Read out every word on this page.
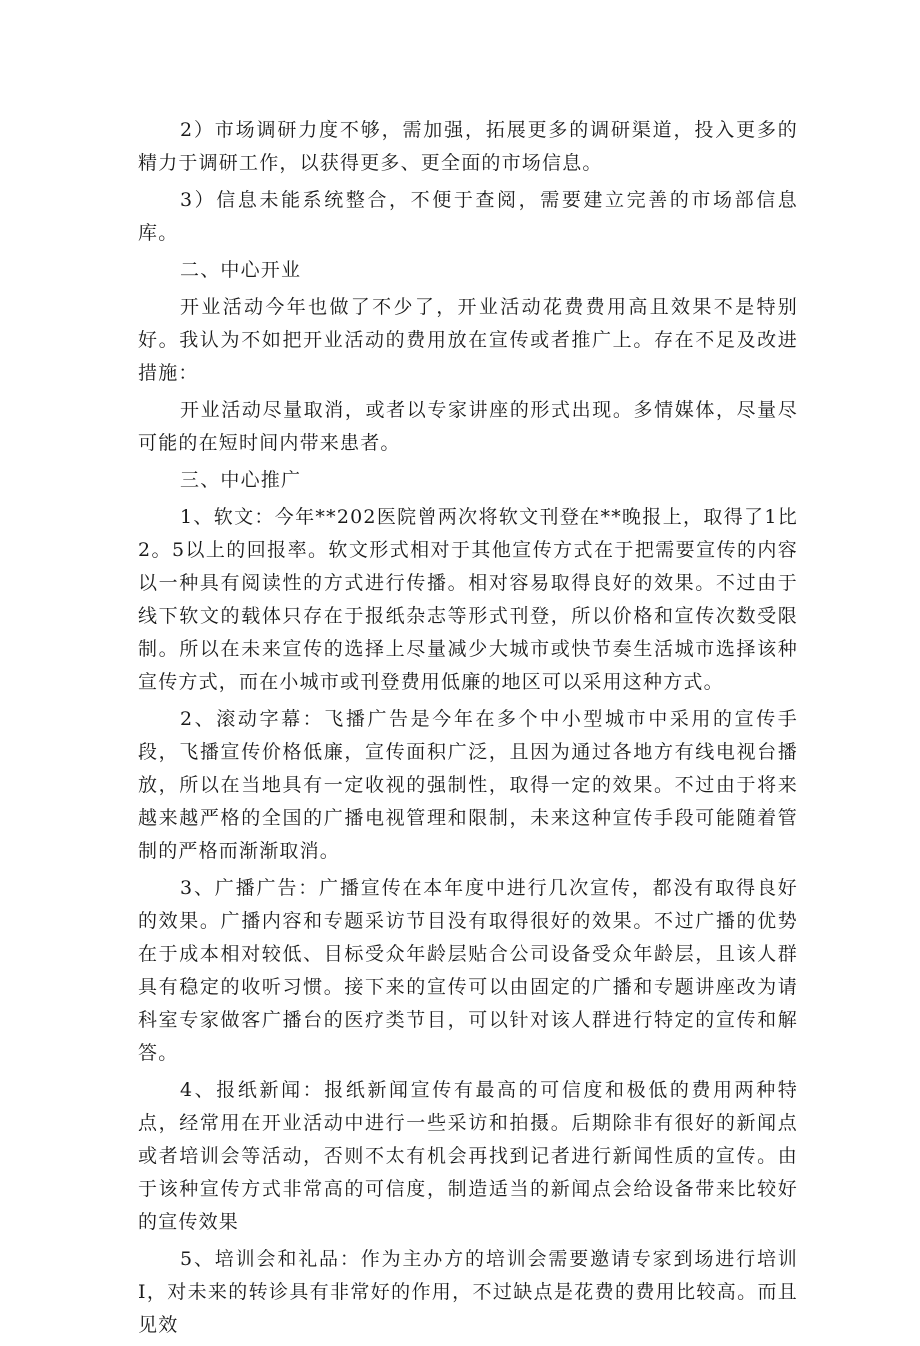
2）市场调研力度不够，需加强，拓展更多的调研渠道，投入更多的精力于调研工作，以获得更多、更全面的市场信息。

3）信息未能系统整合，不便于查阅，需要建立完善的市场部信息库。

二、中心开业

开业活动今年也做了不少了，开业活动花费费用高且效果不是特别好。我认为不如把开业活动的费用放在宣传或者推广上。存在不足及改进措施：

开业活动尽量取消，或者以专家讲座的形式出现。多情媒体，尽量尽可能的在短时间内带来患者。

三、中心推广

1、软文：今年**202医院曾两次将软文刊登在**晚报上，取得了1比2。5以上的回报率。软文形式相对于其他宣传方式在于把需要宣传的内容以一种具有阅读性的方式进行传播。相对容易取得良好的效果。不过由于线下软文的载体只存在于报纸杂志等形式刊登，所以价格和宣传次数受限制。所以在未来宣传的选择上尽量减少大城市或快节奏生活城市选择该种宣传方式，而在小城市或刊登费用低廉的地区可以采用这种方式。

2、滚动字幕：飞播广告是今年在多个中小型城市中采用的宣传手段，飞播宣传价格低廉，宣传面积广泛，且因为通过各地方有线电视台播放，所以在当地具有一定收视的强制性，取得一定的效果。不过由于将来越来越严格的全国的广播电视管理和限制，未来这种宣传手段可能随着管制的严格而渐渐取消。

3、广播广告：广播宣传在本年度中进行几次宣传，都没有取得良好的效果。广播内容和专题采访节目没有取得很好的效果。不过广播的优势在于成本相对较低、目标受众年龄层贴合公司设备受众年龄层，且该人群具有稳定的收听习惯。接下来的宣传可以由固定的广播和专题讲座改为请科室专家做客广播台的医疗类节目，可以针对该人群进行特定的宣传和解答。

4、报纸新闻：报纸新闻宣传有最高的可信度和极低的费用两种特点，经常用在开业活动中进行一些采访和拍摄。后期除非有很好的新闻点或者培训会等活动，否则不太有机会再找到记者进行新闻性质的宣传。由于该种宣传方式非常高的可信度，制造适当的新闻点会给设备带来比较好的宣传效果

5、培训会和礼品：作为主办方的培训会需要邀请专家到场进行培训I，对未来的转诊具有非常好的作用，不过缺点是花费的费用比较高。而且见效
